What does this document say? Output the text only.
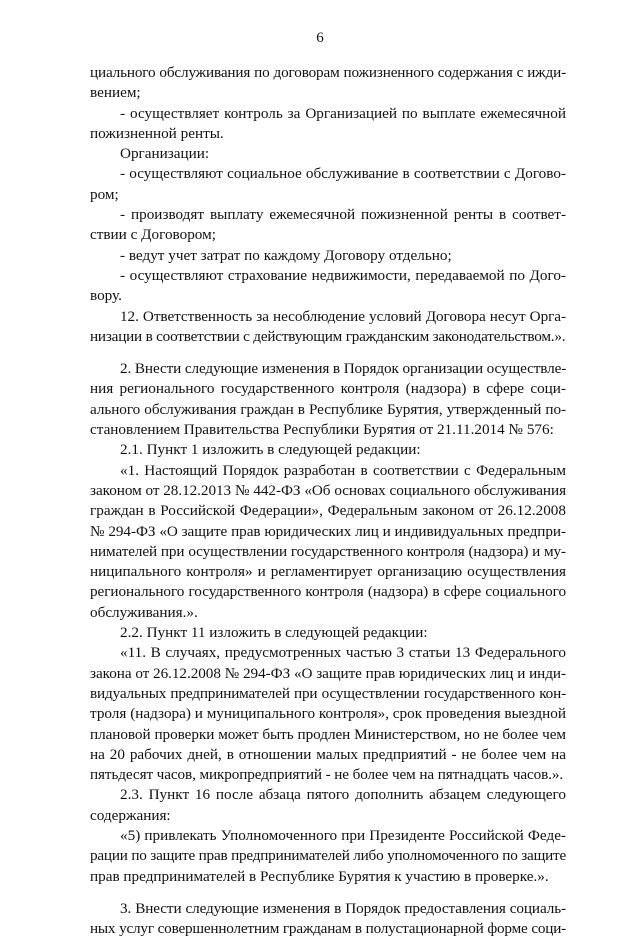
6
циального обслуживания по договорам пожизненного содержания с ижди-
вением;
- осуществляет контроль за Организацией по выплате ежемесячной
пожизненной ренты.
Организации:
- осуществляют социальное обслуживание в соответствии с Догово-
ром;
- производят выплату ежемесячной пожизненной ренты в соответ-
ствии с Договором;
- ведут учет затрат по каждому Договору отдельно;
- осуществляют страхование недвижимости, передаваемой по Дого-
вору.
12. Ответственность за несоблюдение условий Договора несут Орга-
низации в соответствии с действующим гражданским законодательством.».
2. Внести следующие изменения в Порядок организации осуществле-
ния регионального государственного контроля (надзора) в сфере соци-
ального обслуживания граждан в Республике Бурятия, утвержденный по-
становлением Правительства Республики Бурятия от 21.11.2014 № 576:
2.1. Пункт 1 изложить в следующей редакции:
«1. Настоящий Порядок разработан в соответствии с Федеральным
законом от 28.12.2013 № 442-ФЗ «Об основах социального обслуживания
граждан в Российской Федерации», Федеральным законом от 26.12.2008
№ 294-ФЗ «О защите прав юридических лиц и индивидуальных предпри-
нимателей при осуществлении государственного контроля (надзора) и му-
ниципального контроля» и регламентирует организацию осуществления
регионального государственного контроля (надзора) в сфере социального
обслуживания.».
2.2. Пункт 11 изложить в следующей редакции:
«11. В случаях, предусмотренных частью 3 статьи 13 Федерального
закона от 26.12.2008 № 294-ФЗ «О защите прав юридических лиц и инди-
видуальных предпринимателей при осуществлении государственного кон-
троля (надзора) и муниципального контроля», срок проведения выездной
плановой проверки может быть продлен Министерством, но не более чем
на 20 рабочих дней, в отношении малых предприятий - не более чем на
пятьдесят часов, микропредприятий - не более чем на пятнадцать часов.».
2.3. Пункт 16 после абзаца пятого дополнить абзацем следующего
содержания:
«5) привлекать Уполномоченного при Президенте Российской Феде-
рации по защите прав предпринимателей либо уполномоченного по защите
прав предпринимателей в Республике Бурятия к участию в проверке.».
3. Внести следующие изменения в Порядок предоставления социаль-
ных услуг совершеннолетним гражданам в полустационарной форме соци-
